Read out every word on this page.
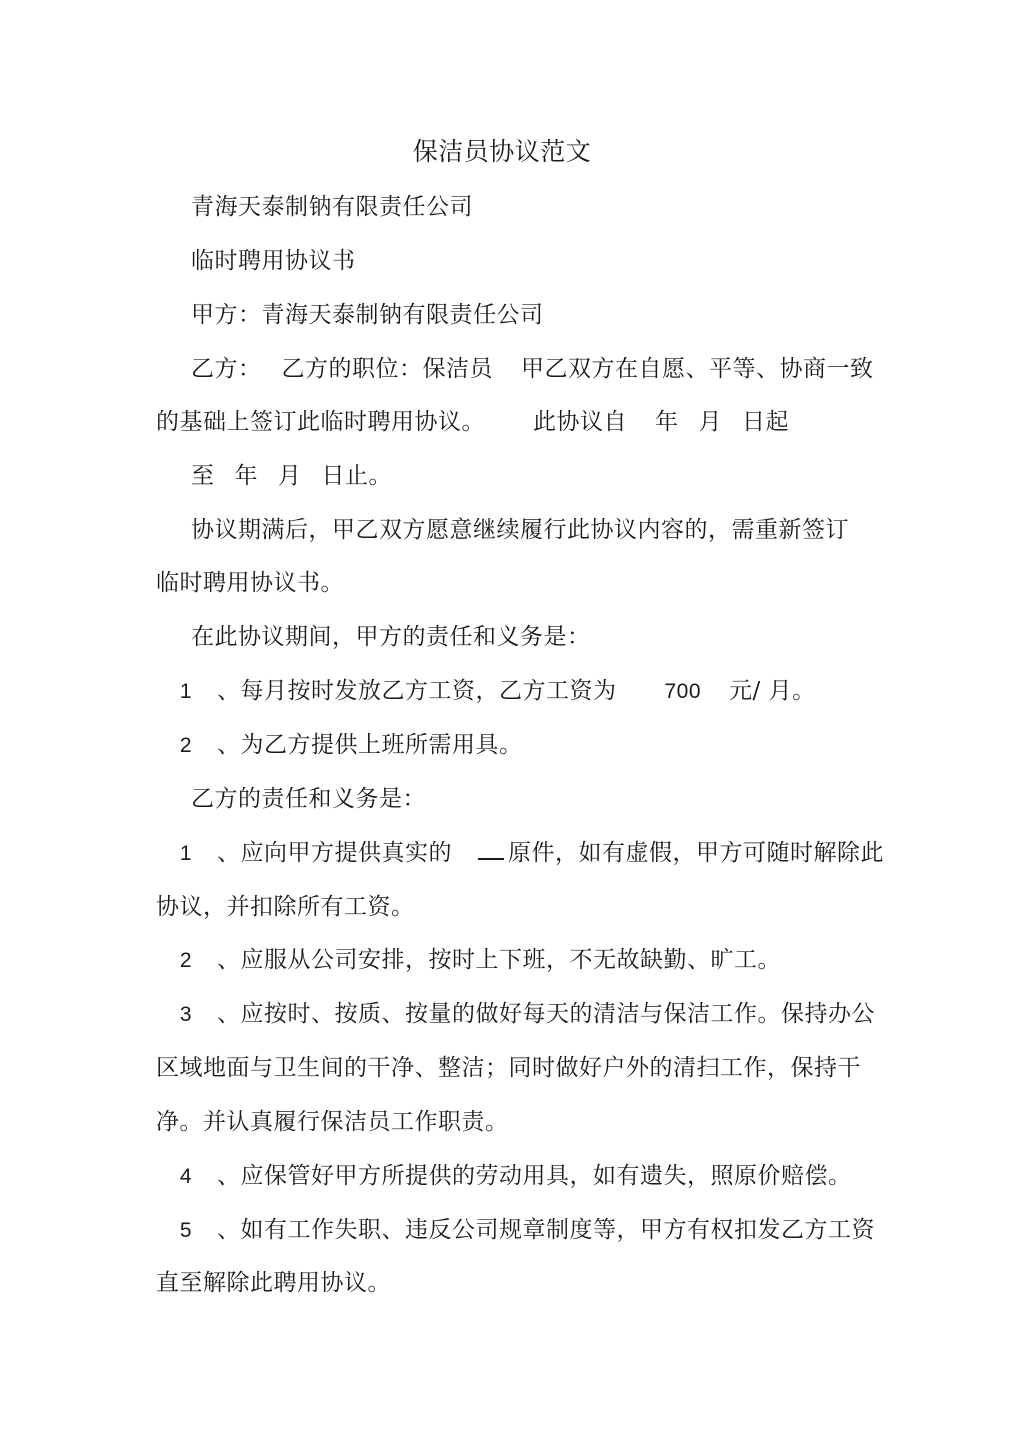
保洁员协议范文
青海天泰制钠有限责任公司
临时聘用协议书
甲方：青海天泰制钠有限责任公司
乙方： 乙方的职位：保洁员 甲乙双方在自愿、平等、协商一致
的基础上签订此临时聘用协议。 此协议自 年 月 日起
至 年 月 日止。
协议期满后，甲乙双方愿意继续履行此协议内容的，需重新签订
临时聘用协议书。
在此协议期间，甲方的责任和义务是：
1 、每月按时发放乙方工资，乙方工资为 700 元/ 月。
2 、为乙方提供上班所需用具。
乙方的责任和义务是：
1 、应向甲方提供真实的 原件，如有虚假，甲方可随时解除此
协议，并扣除所有工资。
2 、应服从公司安排，按时上下班，不无故缺勤、旷工。
3 、应按时、按质、按量的做好每天的清洁与保洁工作。保持办公
区域地面与卫生间的干净、整洁；同时做好户外的清扫工作，保持干
净。并认真履行保洁员工作职责。
4 、应保管好甲方所提供的劳动用具，如有遗失，照原价赔偿。
5 、如有工作失职、违反公司规章制度等，甲方有权扣发乙方工资
直至解除此聘用协议。
